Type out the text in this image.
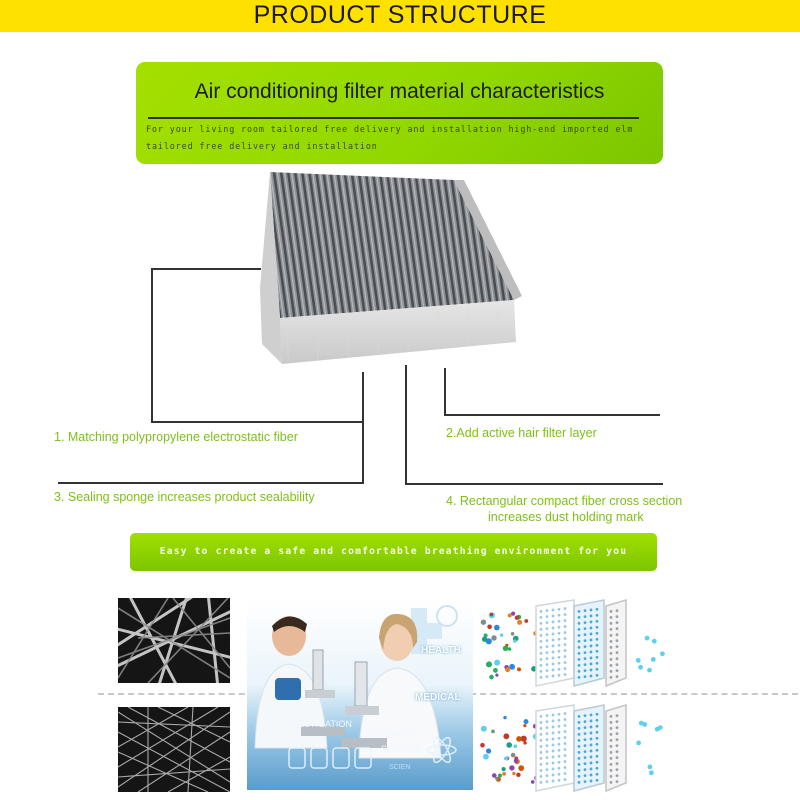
PRODUCT STRUCTURE
Air conditioning filter material characteristics
For your living room tailored free delivery and installation high-end imported elm
tailored free delivery and installation
1. Matching polypropylene electrostatic fiber	2.Add active hair filter layer
3. Sealing sponge increases product sealability	4. Rectangular compact fiber cross section
increases dust holding mark
Easy to create a safe and comfortable breathing environment for you
HEALTH
MEDICAL
INVESTIGATION
RESEARCH
SCIENCE
SCIEN
